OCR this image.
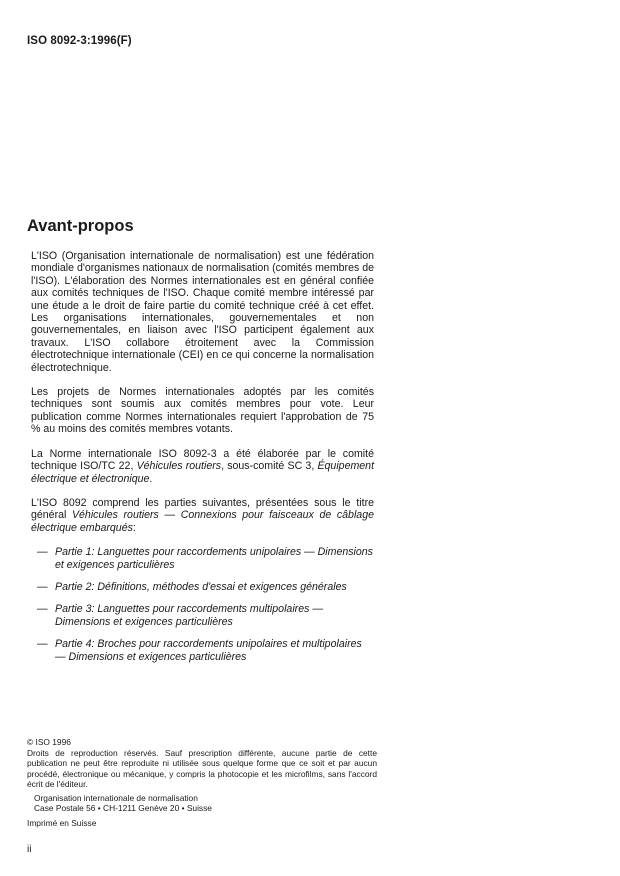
ISO 8092-3:1996(F)
Avant-propos

L'ISO (Organisation internationale de normalisation) est une fédération mondiale d'organismes nationaux de normalisation (comités membres de l'ISO). L'élaboration des Normes internationales est en général confiée aux comités techniques de l'ISO. Chaque comité membre intéressé par une étude a le droit de faire partie du comité technique créé à cet effet. Les organisations internationales, gouvernementales et non gouvernementales, en liaison avec l'ISO participent également aux travaux. L'ISO collabore étroitement avec la Commission électrotechnique internationale (CEI) en ce qui concerne la normalisation électrotechnique.

Les projets de Normes internationales adoptés par les comités techniques sont soumis aux comités membres pour vote. Leur publication comme Normes internationales requiert l'approbation de 75 % au moins des comités membres votants.

La Norme internationale ISO 8092-3 a été élaborée par le comité technique ISO/TC 22, Véhicules routiers, sous-comité SC 3, Équipement électrique et électronique.

L'ISO 8092 comprend les parties suivantes, présentées sous le titre général Véhicules routiers — Connexions pour faisceaux de câblage électrique embarqués:

— Partie 1: Languettes pour raccordements unipolaires — Dimensions et exigences particulières
— Partie 2: Définitions, méthodes d'essai et exigences générales
— Partie 3: Languettes pour raccordements multipolaires — Dimensions et exigences particulières
— Partie 4: Broches pour raccordements unipolaires et multipolaires — Dimensions et exigences particulières
© ISO 1996
Droits de reproduction réservés. Sauf prescription différente, aucune partie de cette publication ne peut être reproduite ni utilisée sous quelque forme que ce soit et par aucun procédé, électronique ou mécanique, y compris la photocopie et les microfilms, sans l'accord écrit de l'éditeur.
Organisation internationale de normalisation
Case Postale 56 • CH-1211 Genève 20 • Suisse
Imprimé en Suisse
ii
